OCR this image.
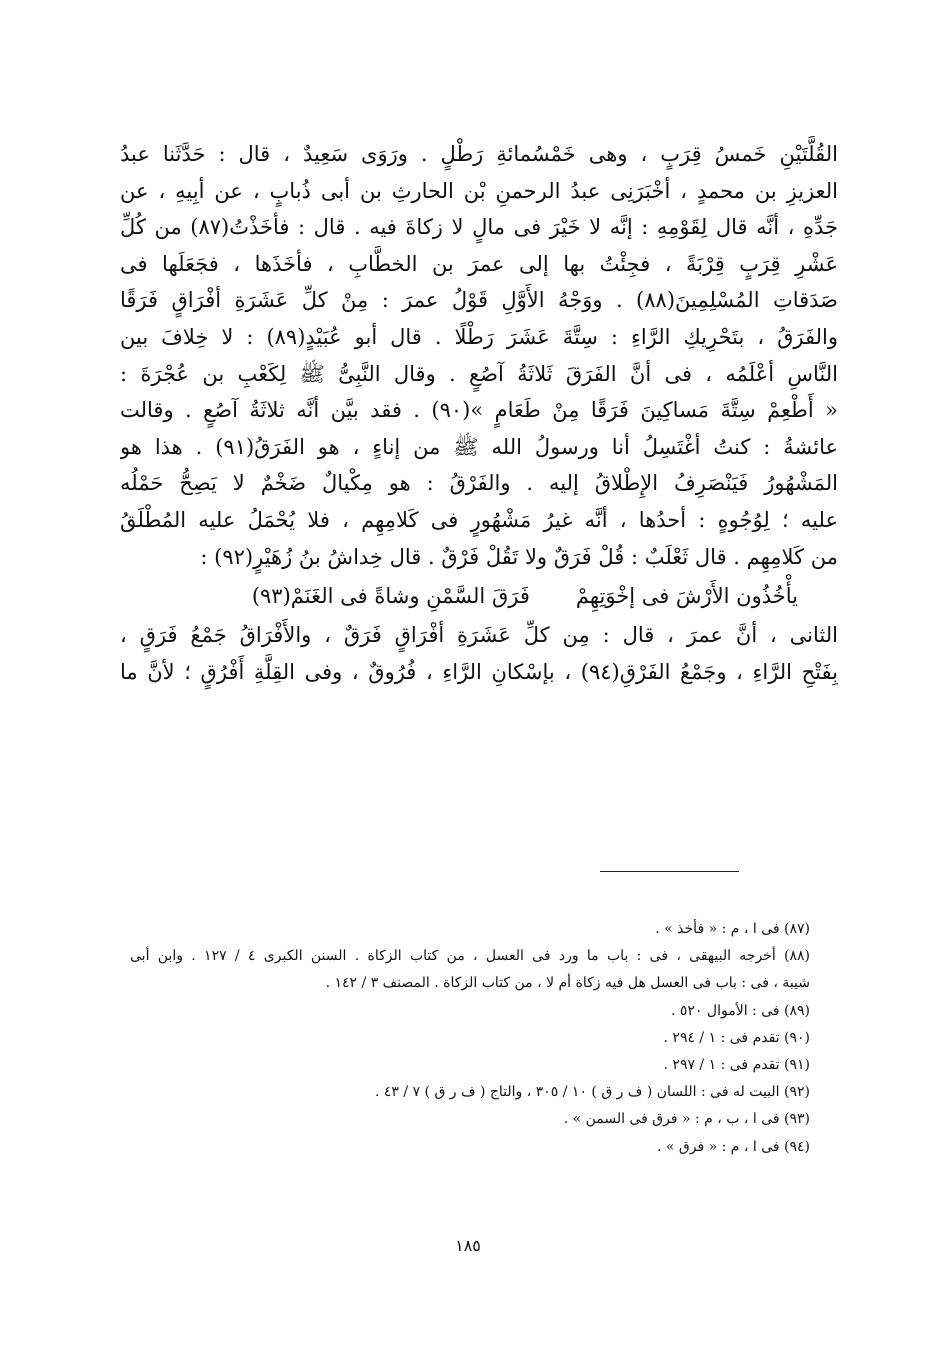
القُلَّتَيْنِ خَمسُ قِرَبٍ ، وهى خَمْسُمائةِ رَطْلٍ . ورَوَى سَعِيدٌ ، قال : حَدَّثَنا عبدُ
العزيزِ بن محمدٍ ، أخْبَرَنِى عبدُ الرحمنِ بْن الحارثِ بن أبى ذُبابٍ ، عن أبِيهِ ، عن
جَدِّهِ ، أنَّه قال لِقَوْمِهِ : إنَّه لا خَيْرَ فى مالٍ لا زكاةَ فيه . قال : فأخَذْتُ(٨٧) من كُلِّ
عَشْرِ قِرَبٍ قِرْبَةً ، فجِئْتُ بها إلى عمرَ بن الخطَّابِ ، فأخَذَها ، فجَعَلَها فى
صَدَقاتِ المُسْلِمِينَ(٨٨) . ووَجْهُ الأَوَّلِ قَوْلُ عمرَ : مِنْ كلِّ عَشَرَةِ أفْرَاقٍ فَرَقًا
والفَرَقُ ، بتَحْرِيكِ الرَّاءِ : سِتَّةَ عَشَرَ رَطْلًا . قال أبو عُبَيْدٍ(٨٩) : لا خِلافَ بين
النَّاسِ أعْلَمُه ، فى أنَّ الفَرَقَ ثَلاثَةُ آصُعٍ . وقال النَّبِىُّ ﷺ لِكَعْبِ بن عُجْرَةَ :
« أَطْعِمْ سِتَّةَ مَساكِينَ فَرَقًا مِنْ طَعَامٍ »(٩٠) . فقد بيَّن أنَّه ثلاثَةُ آصُعٍ . وقالت
عائشةُ : كنتُ أغْتَسِلُ أنا ورسولُ الله ﷺ من إناءٍ ، هو الفَرَقُ(٩١) . هذا هو
المَشْهُورُ فَيَنْصَرِفُ الإِطْلاقُ إليه . والفَرْقُ : هو مِكْيالٌ ضَخْمٌ لا يَصِحُّ حَمْلُه
عليه ؛ لِوُجُوهٍ : أحدُها ، أنَّه غيرُ مَشْهُورٍ فى كَلامِهِم ، فلا يُحْمَلُ عليه المُطْلَقُ
من كَلامِهِم . قال ثَعْلَبٌ : قُلْ فَرَقٌ ولا تَقُلْ فَرْقٌ . قال خِداشُ بنُ زُهَيْرٍ(٩٢) :
يأْخُذُون الأَرْشَ فى إخْوَتِهِمْ
فَرَقَ السَّمْنِ وشاةً فى الغَنَمْ(٩٣)
الثانى ، أنَّ عمرَ ، قال : مِن كلِّ عَشَرَةِ أفْرَاقٍ فَرَقٌ ، والأَفْرَاقُ جَمْعُ فَرَقٍ ،
بِفَتْحِ الرَّاءِ ، وجَمْعُ الفَرْقِ(٩٤) ، بإسْكانِ الرَّاءِ ، فُرُوقٌ ، وفى القِلَّةِ أَفْرُقٍ ؛ لأنَّ ما
(٨٧) فى ا ، م : « فأخذ » .
(٨٨) أخرجه البيهقى ، فى : باب ما ورد فى العسل ، من كتاب الزكاة . السنن الكبرى ٤ / ١٢٧ . وابن أبى
شيبة ، فى : باب فى العسل هل فيه زكاة أم لا ، من كتاب الزكاة . المصنف ٣ / ١٤٢ .
(٨٩) فى : الأموال ٥٢٠ .
(٩٠) تقدم فى : ١ / ٢٩٤ .
(٩١) تقدم فى : ١ / ٢٩٧ .
(٩٢) البيت له فى : اللسان ( ف ر ق ) ١٠ / ٣٠٥ ، والتاج ( ف ر ق ) ٧ / ٤٣ .
(٩٣) فى ا ، ب ، م : « فرق فى السمن » .
(٩٤) فى ا ، م : « فرق » .
١٨٥
